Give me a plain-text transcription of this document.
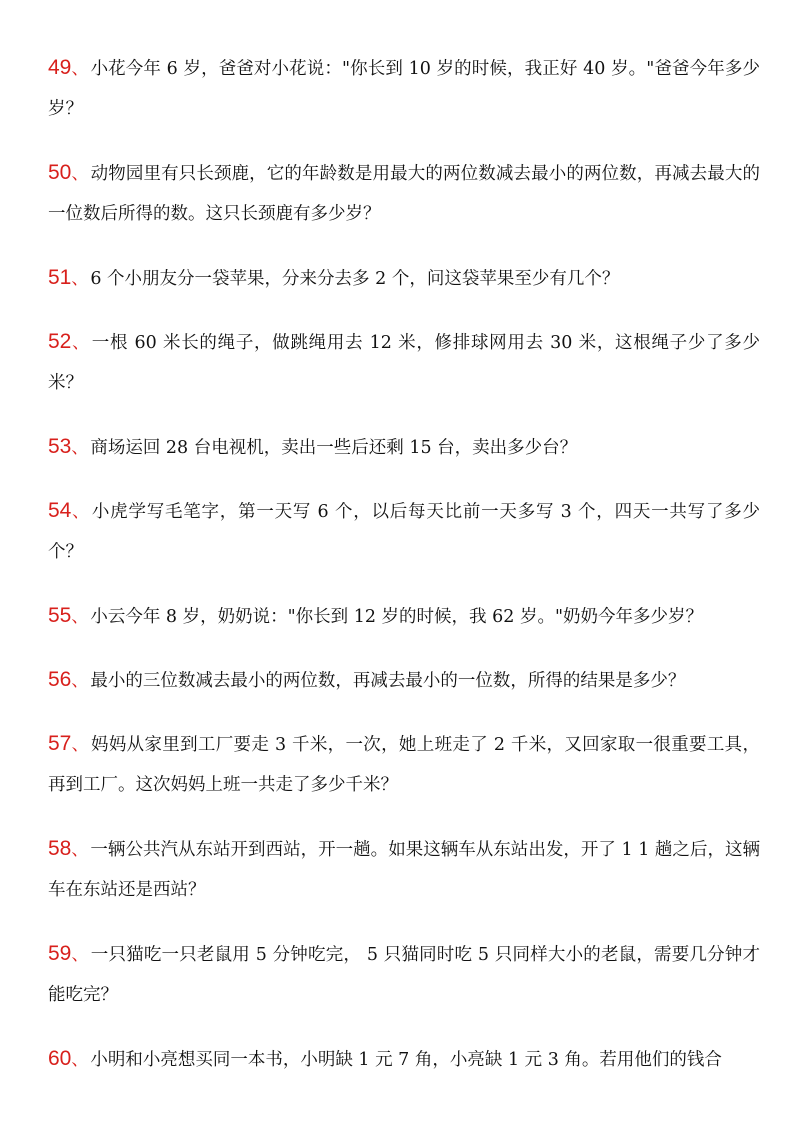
49、 小花今年 6 岁，爸爸对小花说："你长到 10 岁的时候，我正好 40 岁。"爸爸今年多少岁？
50、 动物园里有只长颈鹿，它的年龄数是用最大的两位数减去最小的两位数，再减去最大的一位数后所得的数。这只长颈鹿有多少岁？
51、 6 个小朋友分一袋苹果，分来分去多 2 个，问这袋苹果至少有几个？
52、 一根 60 米长的绳子，做跳绳用去 12 米，修排球网用去 30 米，这根绳子少了多少米？
53、 商场运回 28 台电视机，卖出一些后还剩 15 台，卖出多少台？
54、 小虎学写毛笔字，第一天写 6 个，以后每天比前一天多写 3 个，四天一共写了多少个？
55、 小云今年 8 岁，奶奶说："你长到 12 岁的时候，我 62 岁。"奶奶今年多少岁？
56、 最小的三位数减去最小的两位数，再减去最小的一位数，所得的结果是多少？
57、 妈妈从家里到工厂要走 3 千米，一次，她上班走了 2 千米，又回家取一很重要工具，再到工厂。这次妈妈上班一共走了多少千米？
58、 一辆公共汽从东站开到西站，开一趟。如果这辆车从东站出发，开了 1 1 趟之后，这辆车在东站还是西站？
59、 一只猫吃一只老鼠用 5 分钟吃完， 5 只猫同时吃 5 只同样大小的老鼠，需要几分钟才能吃完？
60、 小明和小亮想买同一本书，小明缺 1 元 7 角，小亮缺 1 元 3 角。若用他们的钱合
